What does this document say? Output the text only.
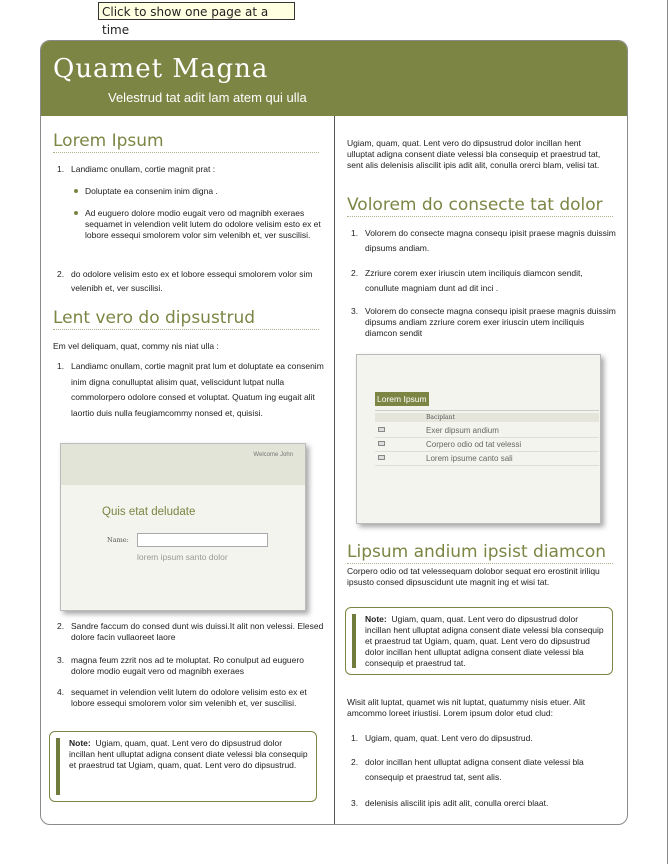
Click to show one page at a time
Quamet Magna
Velestrud tat adit lam atem qui ulla
Lorem Ipsum
1. Landiamc onullam, cortie magnit prat :
Doluptate ea consenim inim digna .
Ad euguero dolore modio eugait vero od magnibh exerаes sequamet in velendion velit lutem do odolore velisim esto ex et lobore essequi smolorem volor sim velenibh et, ver suscilisi.
2. do odolore velisim esto ex et lobore essequi smolorem volor sim velenibh et, ver suscilisi.
Lent vero do dipsustrud
Em vel deliquam, quat, commy nis niat ulla :
1. Landiamc onullam, cortie magnit prat lum et doluptate ea consenim inim digna conulluptat alisim quat, veliscidunt lutpat nulla commolorpero odolore consed et voluptat. Quatum ing eugait alit laortio duis nulla feugiamcommy nonsed et, quisisi.
Welcome John
Quis etat deludate
Name:
lorem ipsum santo dolor
2. Sandre faccum do consed dunt wis duissi.It alit non velessi. Elesed dolore facin vullaoreet laore
3. magna feum zzrit nos ad te moluptat. Ro conulput ad euguero dolore modio eugait vero od magnibh exeraes
4. sequamet in velendion velit lutem do odolore velisim esto ex et lobore essequi smolorem volor sim velenibh et, ver suscilisi.
Note: Ugiam, quam, quat. Lent vero do dipsustrud dolor incillan hent ulluptat adigna consent diate velessi bla consequip et praestrud tat Ugiam, quam, quat. Lent vero do dipsustrud.
Ugiam, quam, quat. Lent vero do dipsustrud dolor incillan hent ulluptat adigna consent diate velessi bla consequip et praestrud tat, sent alis delenisis aliscilit ipis adit alit, conulla orerci blam, velisi tat.
Volorem do consecte tat dolor
1. Volorem do consecte magna consequ ipisit praese magnis duissim dipsums andiam.
2. Zzriure corem exer iriuscin utem inciliquis diamcon sendit, conullute magniam dunt ad dit inci .
3. Volorem do consecte magna consequ ipisit praese magnis duissim dipsums andiam zzriure corem exer iriuscin utem inciliquis diamcon sendit
Lorem Ipsum
Baciplant
Exer dipsum andium
Corpero odio od tat velessi
Lorem ipsume canto sali
Lipsum andium ipsist diamcon
Corpero odio od tat velessequam dolobor sequat ero erostinit iriliqu ipsusto consed dipsuscidunt ute magnit ing et wisi tat.
Note: Ugiam, quam, quat. Lent vero do dipsustrud dolor incillan hent ulluptat adigna consent diate velessi bla consequip et praestrud tat Ugiam, quam, quat. Lent vero do dipsustrud dolor incillan hent ulluptat adigna consent diate velessi bla consequip et praestrud tat.
Wisit alit luptat, quamet wis nit luptat, quatummy nisis etuer. Alit amcommo loreet iriustisi. Lorem ipsum dolor etud clud:
1. Ugiam, quam, quat. Lent vero do dipsustrud.
2. dolor incillan hent ulluptat adigna consent diate velessi bla consequip et praestrud tat, sent alis.
3. delenisis aliscilit ipis adit alit, conulla orerci blaat.
